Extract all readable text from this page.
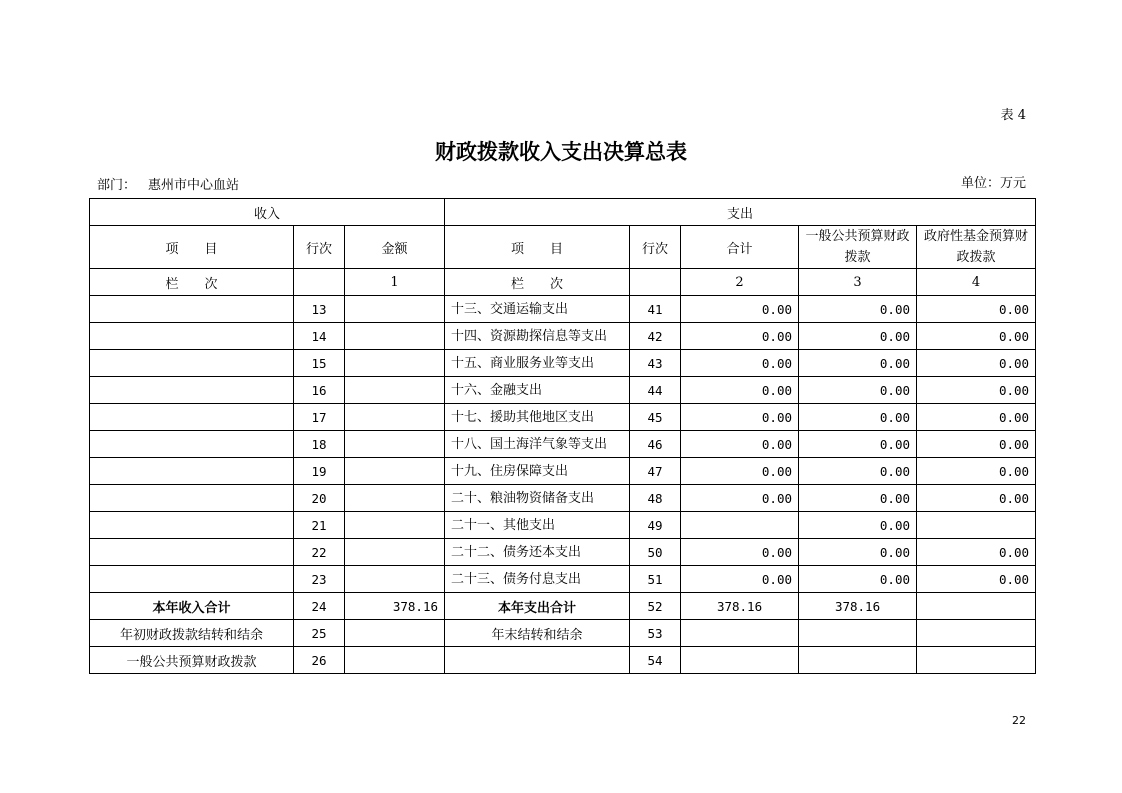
表 4
财政拨款收入支出决算总表
部门： 惠州市中心血站	单位：万元
收入			支出				
项　　目	行次	金额	项　　目	行次	合计	一般公共预算财政拨款	政府性基金预算财政拨款
栏　　次		1	栏　　次		2	3	4
	13		十三、交通运输支出	41	0.00	0.00	0.00
	14		十四、资源勘探信息等支出	42	0.00	0.00	0.00
	15		十五、商业服务业等支出	43	0.00	0.00	0.00
	16		十六、金融支出	44	0.00	0.00	0.00
	17		十七、援助其他地区支出	45	0.00	0.00	0.00
	18		十八、国土海洋气象等支出	46	0.00	0.00	0.00
	19		十九、住房保障支出	47	0.00	0.00	0.00
	20		二十、粮油物资储备支出	48	0.00	0.00	0.00
	21		二十一、其他支出	49		0.00	
	22		二十二、债务还本支出	50	0.00	0.00	0.00
	23		二十三、债务付息支出	51	0.00	0.00	0.00
本年收入合计	24	378.16	本年支出合计	52	378.16	378.16	
年初财政拨款结转和结余	25		年末结转和结余	53			
一般公共预算财政拨款	26			54			
22
